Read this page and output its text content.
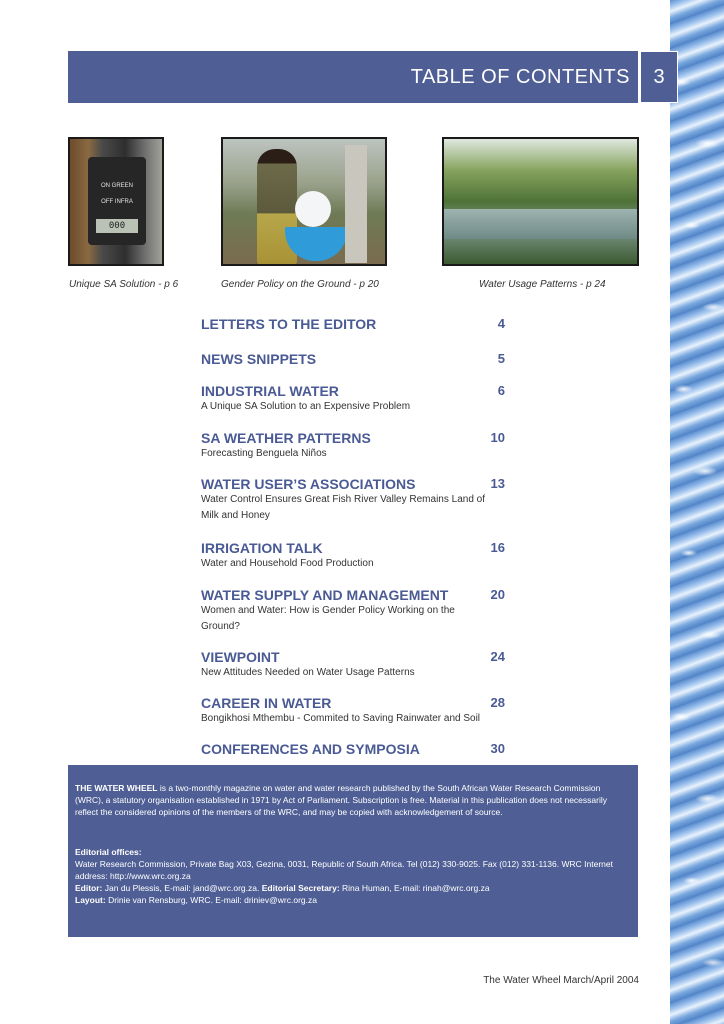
TABLE OF CONTENTS	3
ON GREEN
OFF INFRA
000
Unique SA Solution - p 6	Gender Policy on the Ground - p 20	Water Usage Patterns - p 24
LETTERS TO THE EDITOR	4
NEWS SNIPPETS	5
INDUSTRIAL WATER	6
A Unique SA Solution to an Expensive Problem
SA WEATHER PATTERNS	10
Forecasting Benguela Niños
WATER USER’S ASSOCIATIONS	13
Water Control Ensures Great Fish River Valley Remains Land of Milk and Honey
IRRIGATION TALK	16
Water and Household Food Production
WATER SUPPLY AND MANAGEMENT	20
Women and Water: How is Gender Policy Working on the Ground?
VIEWPOINT	24
New Attitudes Needed on Water Usage Patterns
CAREER IN WATER	28
Bongikhosi Mthembu - Commited to Saving Rainwater and Soil
CONFERENCES AND SYMPOSIA	30

THE WATER WHEEL is a two-monthly magazine on water and water research published by the South African Water Research Commission (WRC), a statutory organisation established in 1971 by Act of Parliament. Subscription is free. Material in this publication does not necessarily reflect the considered opinions of the members of the WRC, and may be copied with acknowledgement of source.

Editorial offices:

Water Research Commission, Private Bag X03, Gezina, 0031, Republic of South Africa. Tel (012) 330-9025. Fax (012) 331-1136. WRC Internet address: http://www.wrc.org.za

Editor: Jan du Plessis, E-mail: jand@wrc.org.za. Editorial Secretary: Rina Human, E-mail: rinah@wrc.org.za

Layout: Drinie van Rensburg, WRC. E-mail: driniev@wrc.org.za

The Water Wheel March/April 2004
